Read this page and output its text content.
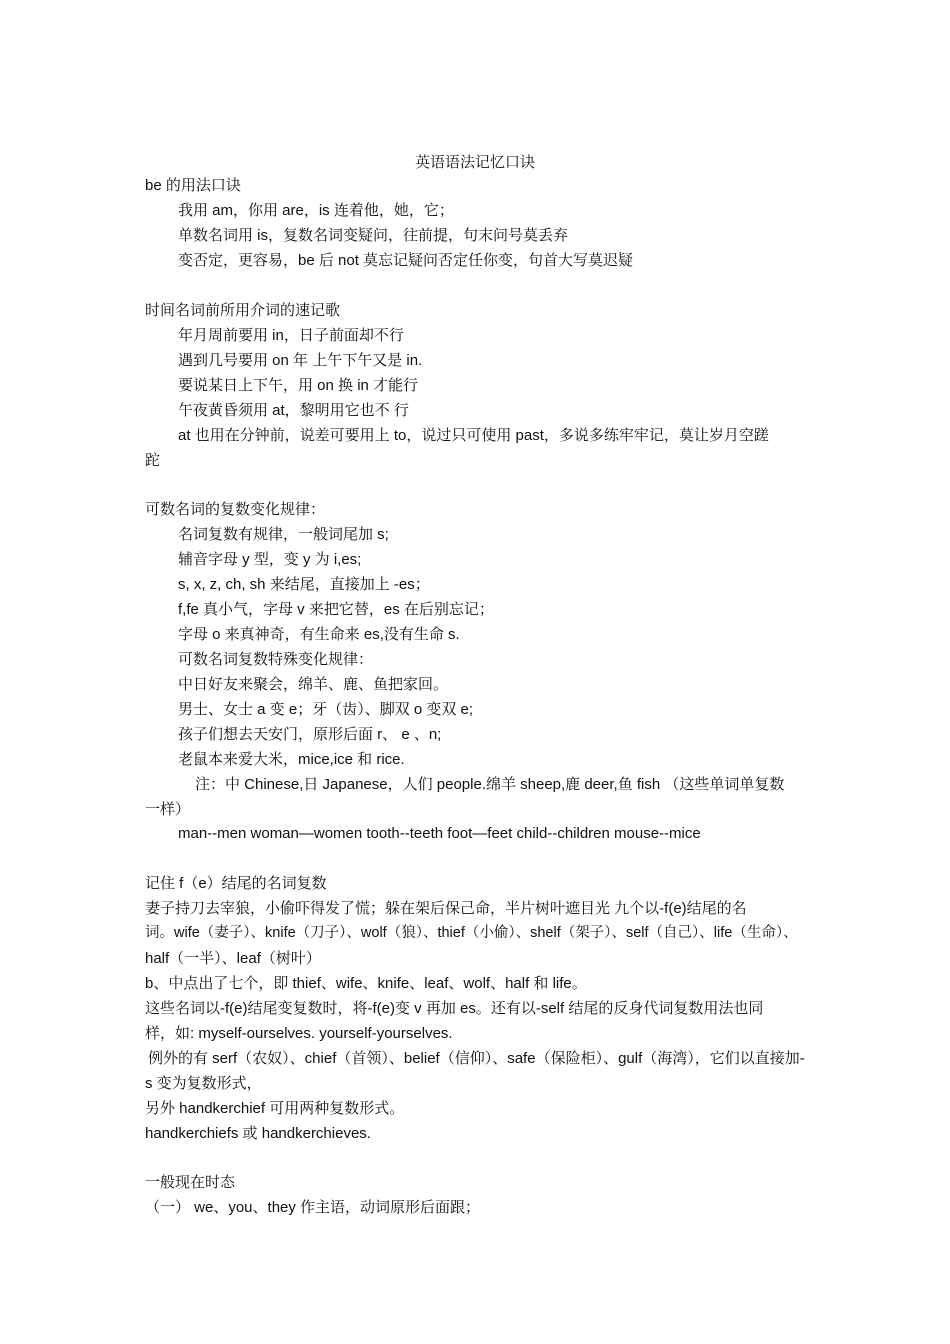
英语语法记忆口诀
be 的用法口诀
我用 am，你用 are，is 连着他，她，它；
单数名词用 is，复数名词变疑问，往前提，句末问号莫丢弃
变否定，更容易，be 后 not 莫忘记疑问否定任你变，句首大写莫迟疑
时间名词前所用介词的速记歌
年月周前要用 in，日子前面却不行
遇到几号要用 on 年 上午下午又是 in.
要说某日上下午，用 on 换 in 才能行
午夜黄昏须用 at，黎明用它也不 行
at 也用在分钟前，说差可要用上 to，说过只可使用 past，多说多练牢牢记，莫让岁月空蹉
跎
可数名词的复数变化规律：
名词复数有规律，一般词尾加 s;
辅音字母 y 型，变 y 为 i,es;
s, x, z, ch, sh 来结尾，直接加上 -es；
f,fe 真小气，字母 v 来把它替，es 在后别忘记；
字母 o 来真神奇，有生命来 es,没有生命 s.
可数名词复数特殊变化规律：
中日好友来聚会，绵羊、鹿、鱼把家回。
男士、女士 a 变 e；牙（齿）、脚双 o 变双 e;
孩子们想去天安门，原形后面 r、 e 、n;
老鼠本来爱大米，mice,ice 和 rice.
注：中 Chinese,日 Japanese，人们 people.绵羊 sheep,鹿 deer,鱼 fish （这些单词单复数
一样）
man--men woman—women tooth--teeth foot—feet child--children mouse--mice
记住 f（e）结尾的名词复数
妻子持刀去宰狼，小偷吓得发了慌；躲在架后保己命，半片树叶遮目光 九个以-f(e)结尾的名
词。wife（妻子）、knife（刀子）、wolf（狼）、thief（小偷）、shelf（架子）、self（自己）、life（生命）、
half（一半）、leaf（树叶）
b、中点出了七个，即 thief、wife、knife、leaf、wolf、half 和 life。
这些名词以-f(e)结尾变复数时，将-f(e)变 v 再加 es。还有以-self 结尾的反身代词复数用法也同
样，如: myself-ourselves. yourself-yourselves.
例外的有 serf（农奴）、chief（首领）、belief（信仰）、safe（保险柜）、gulf（海湾），它们以直接加-
s 变为复数形式，
另外 handkerchief 可用两种复数形式。
handkerchiefs 或 handkerchieves.
一般现在时态
（一） we、you、they 作主语，动词原形后面跟；
